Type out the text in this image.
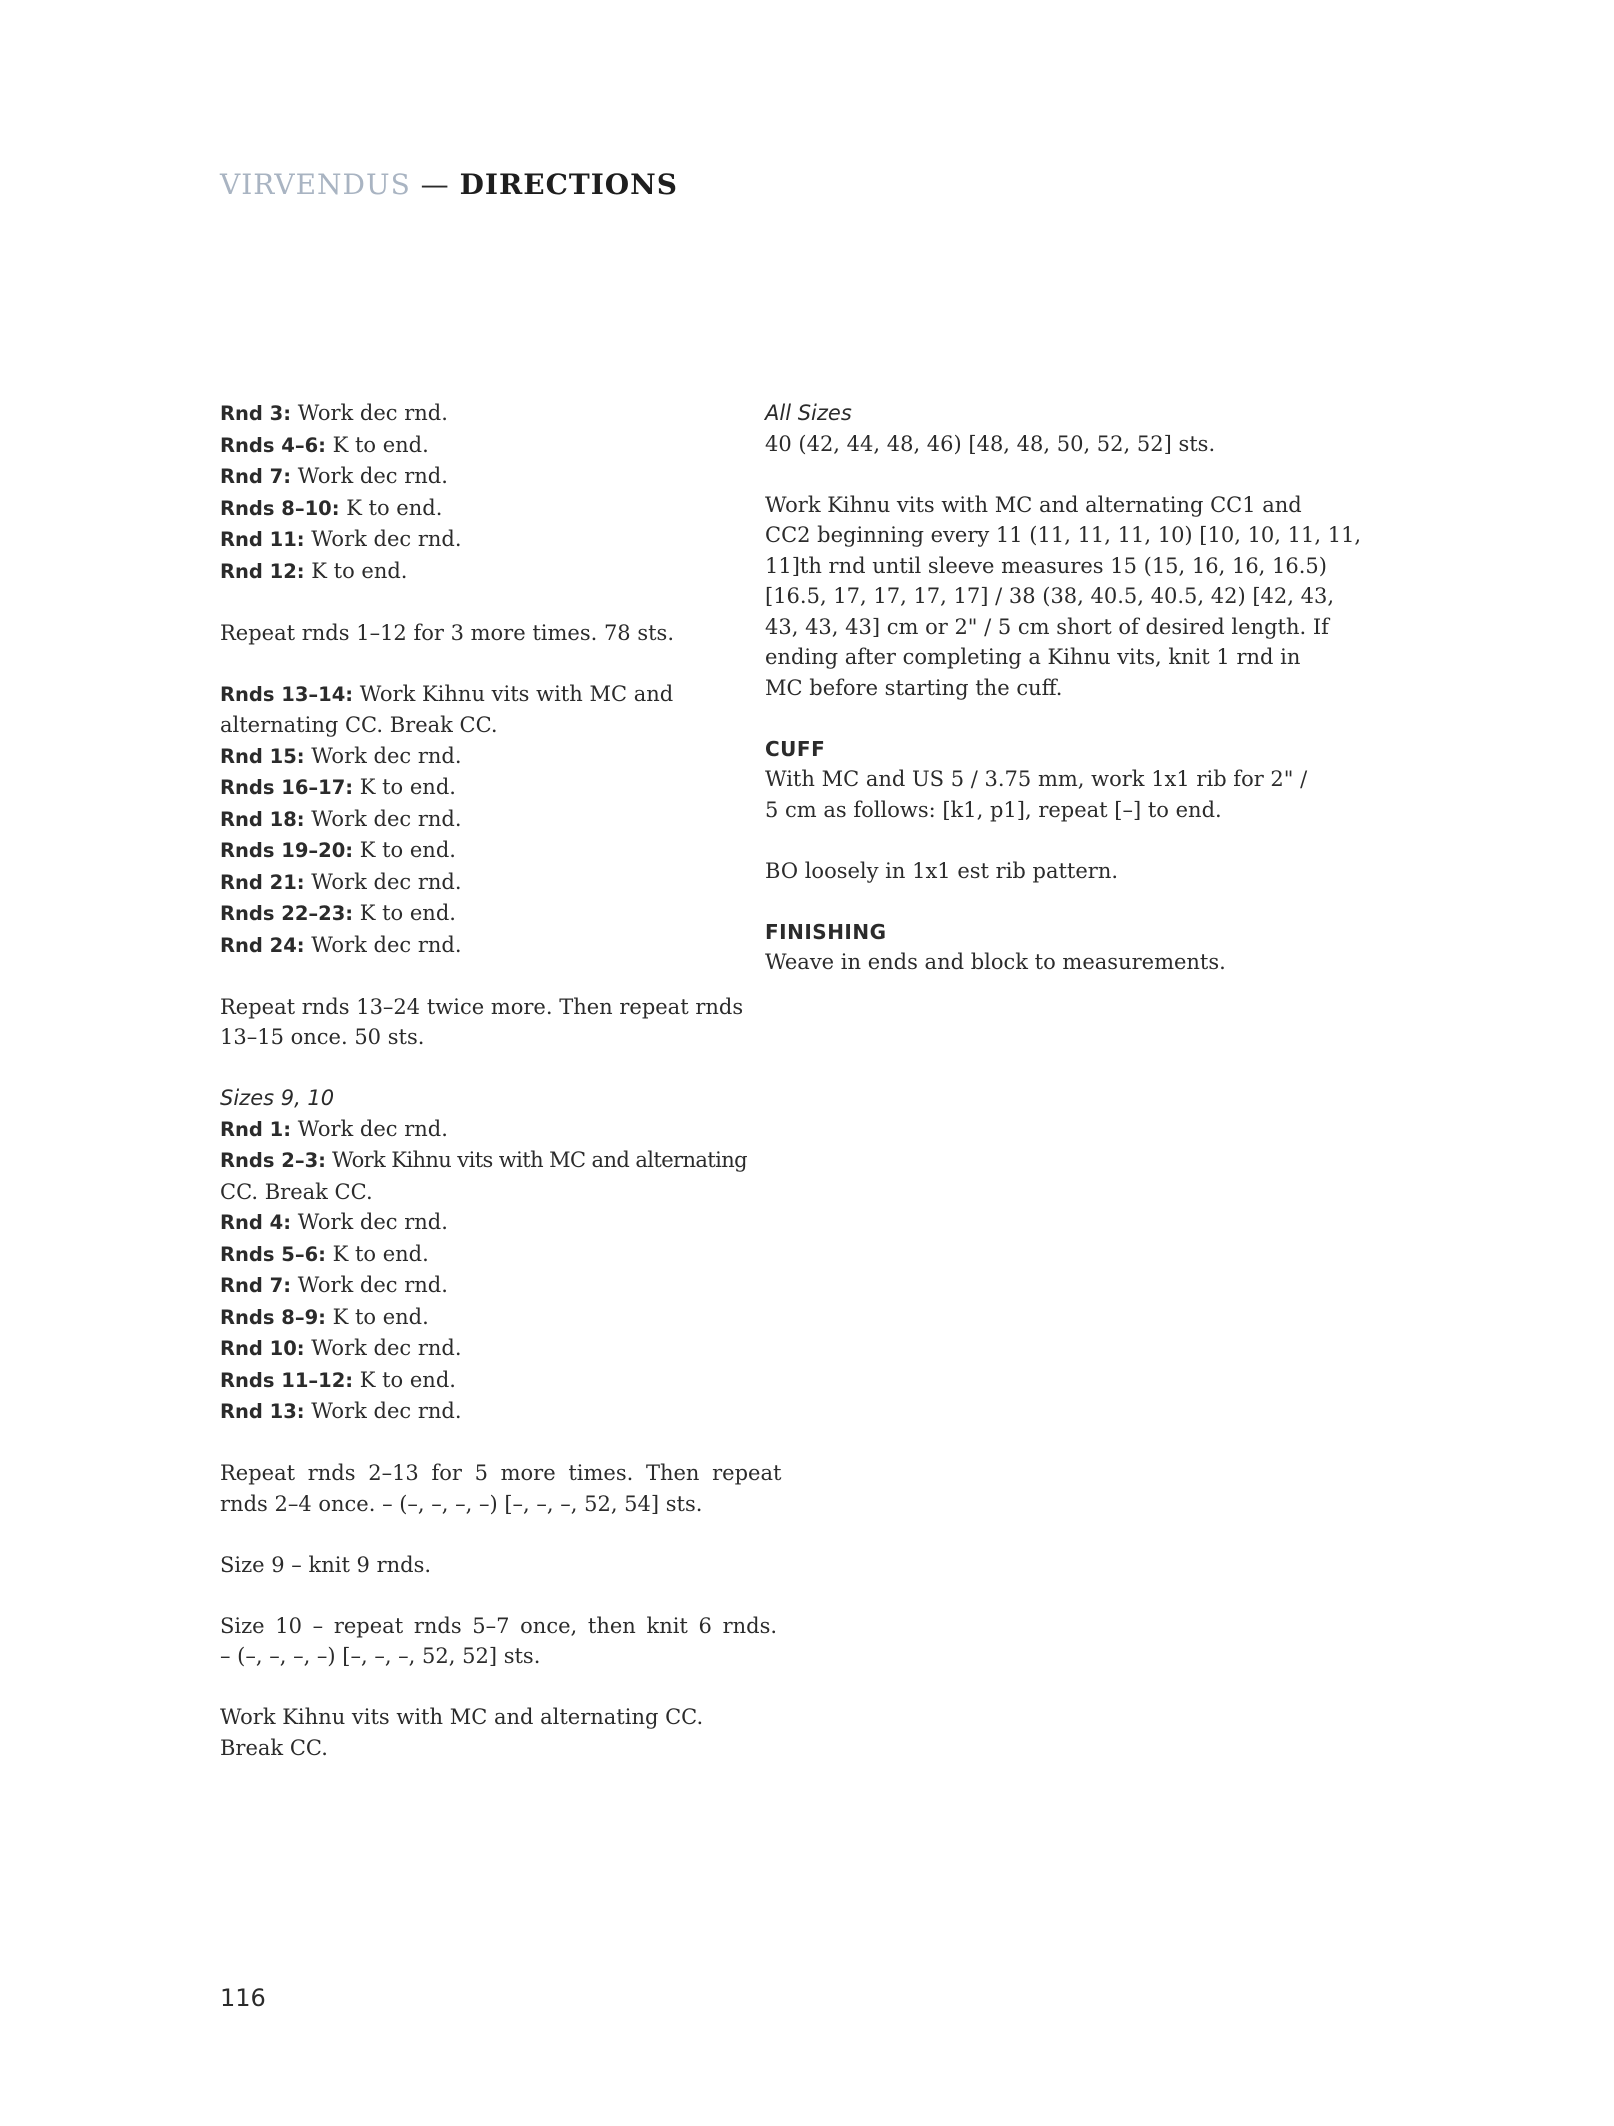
VIRVENDUS — DIRECTIONS
Rnd 3: Work dec rnd.
Rnds 4–6: K to end.
Rnd 7: Work dec rnd.
Rnds 8–10: K to end.
Rnd 11: Work dec rnd.
Rnd 12: K to end.
Repeat rnds 1–12 for 3 more times. 78 sts.
Rnds 13–14: Work Kihnu vits with MC and
alternating CC. Break CC.
Rnd 15: Work dec rnd.
Rnds 16–17: K to end.
Rnd 18: Work dec rnd.
Rnds 19–20: K to end.
Rnd 21: Work dec rnd.
Rnds 22–23: K to end.
Rnd 24: Work dec rnd.
Repeat rnds 13–24 twice more. Then repeat rnds
13–15 once. 50 sts.
Sizes 9, 10
Rnd 1: Work dec rnd.
Rnds 2–3: Work Kihnu vits with MC and alternating
CC. Break CC.
Rnd 4: Work dec rnd.
Rnds 5–6: K to end.
Rnd 7: Work dec rnd.
Rnds 8–9: K to end.
Rnd 10: Work dec rnd.
Rnds 11–12: K to end.
Rnd 13: Work dec rnd.
Repeat rnds 2–13 for 5 more times. Then repeat
rnds 2–4 once. – (–, –, –, –) [–, –, –, 52, 54] sts.
Size 9 – knit 9 rnds.
Size 10 – repeat rnds 5–7 once, then knit 6 rnds.
– (–, –, –, –) [–, –, –, 52, 52] sts.
Work Kihnu vits with MC and alternating CC.
Break CC.
All Sizes
40 (42, 44, 48, 46) [48, 48, 50, 52, 52] sts.
Work Kihnu vits with MC and alternating CC1 and
CC2 beginning every 11 (11, 11, 11, 10) [10, 10, 11, 11,
11]th rnd until sleeve measures 15 (15, 16, 16, 16.5)
[16.5, 17, 17, 17, 17] / 38 (38, 40.5, 40.5, 42) [42, 43,
43, 43, 43] cm or 2" / 5 cm short of desired length. If
ending after completing a Kihnu vits, knit 1 rnd in
MC before starting the cuff.
CUFF
With MC and US 5 / 3.75 mm, work 1x1 rib for 2" /
5 cm as follows: [k1, p1], repeat [–] to end.
BO loosely in 1x1 est rib pattern.
FINISHING
Weave in ends and block to measurements.
116
